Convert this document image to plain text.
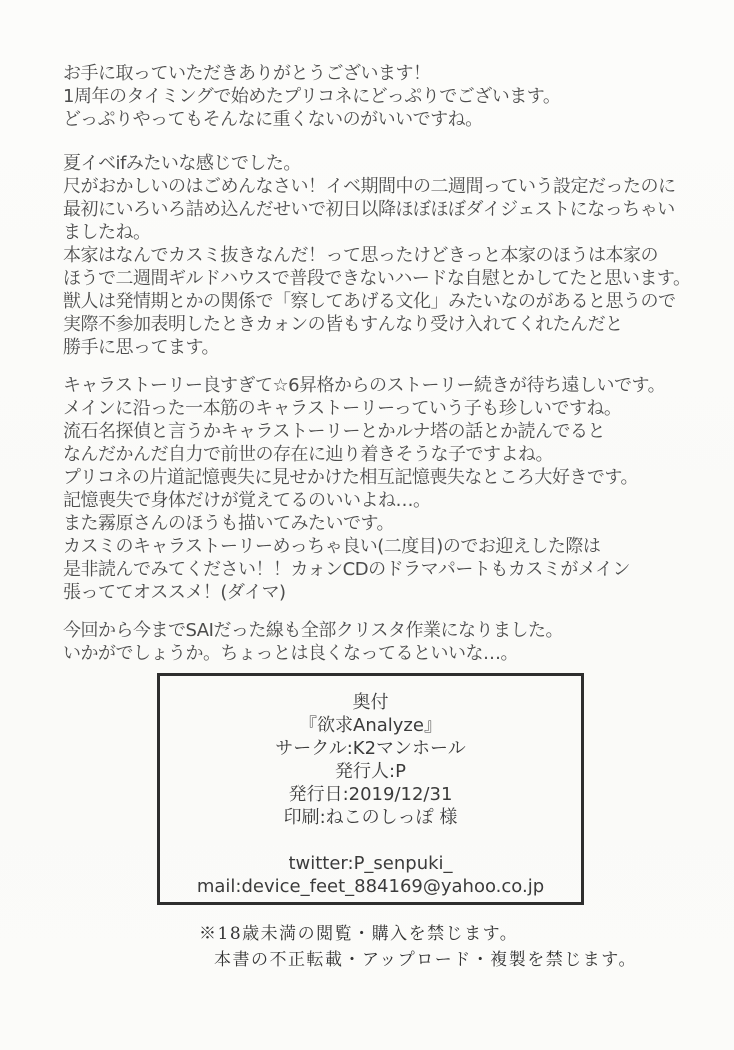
お手に取っていただきありがとうございます！
1周年のタイミングで始めたプリコネにどっぷりでございます。
どっぷりやってもそんなに重くないのがいいですね。
夏イベifみたいな感じでした。
尺がおかしいのはごめんなさい！イベ期間中の二週間っていう設定だったのに
最初にいろいろ詰め込んだせいで初日以降ほぼほぼダイジェストになっちゃい
ましたね。
本家はなんでカスミ抜きなんだ！って思ったけどきっと本家のほうは本家の
ほうで二週間ギルドハウスで普段できないハードな自慰とかしてたと思います。
獣人は発情期とかの関係で「察してあげる文化」みたいなのがあると思うので
実際不参加表明したときカォンの皆もすんなり受け入れてくれたんだと
勝手に思ってます。
キャラストーリー良すぎて☆6昇格からのストーリー続きが待ち遠しいです。
メインに沿った一本筋のキャラストーリーっていう子も珍しいですね。
流石名探偵と言うかキャラストーリーとかルナ塔の話とか読んでると
なんだかんだ自力で前世の存在に辿り着きそうな子ですよね。
プリコネの片道記憶喪失に見せかけた相互記憶喪失なところ大好きです。
記憶喪失で身体だけが覚えてるのいいよね…。
また霧原さんのほうも描いてみたいです。
カスミのキャラストーリーめっちゃ良い(二度目)のでお迎えした際は
是非読んでみてください！！カォンCDのドラマパートもカスミがメイン
張っててオススメ！(ダイマ)
今回から今までSAIだった線も全部クリスタ作業になりました。
いかがでしょうか。ちょっとは良くなってるといいな…。
奥付
『欲求Analyze』
サークル:K2マンホール
発行人:P
発行日:2019/12/31
印刷:ねこのしっぽ 様
twitter:P_senpuki_
mail:device_feet_884169@yahoo.co.jp
※18歳未満の閲覧・購入を禁じます。
本書の不正転載・アップロード・複製を禁じます。
